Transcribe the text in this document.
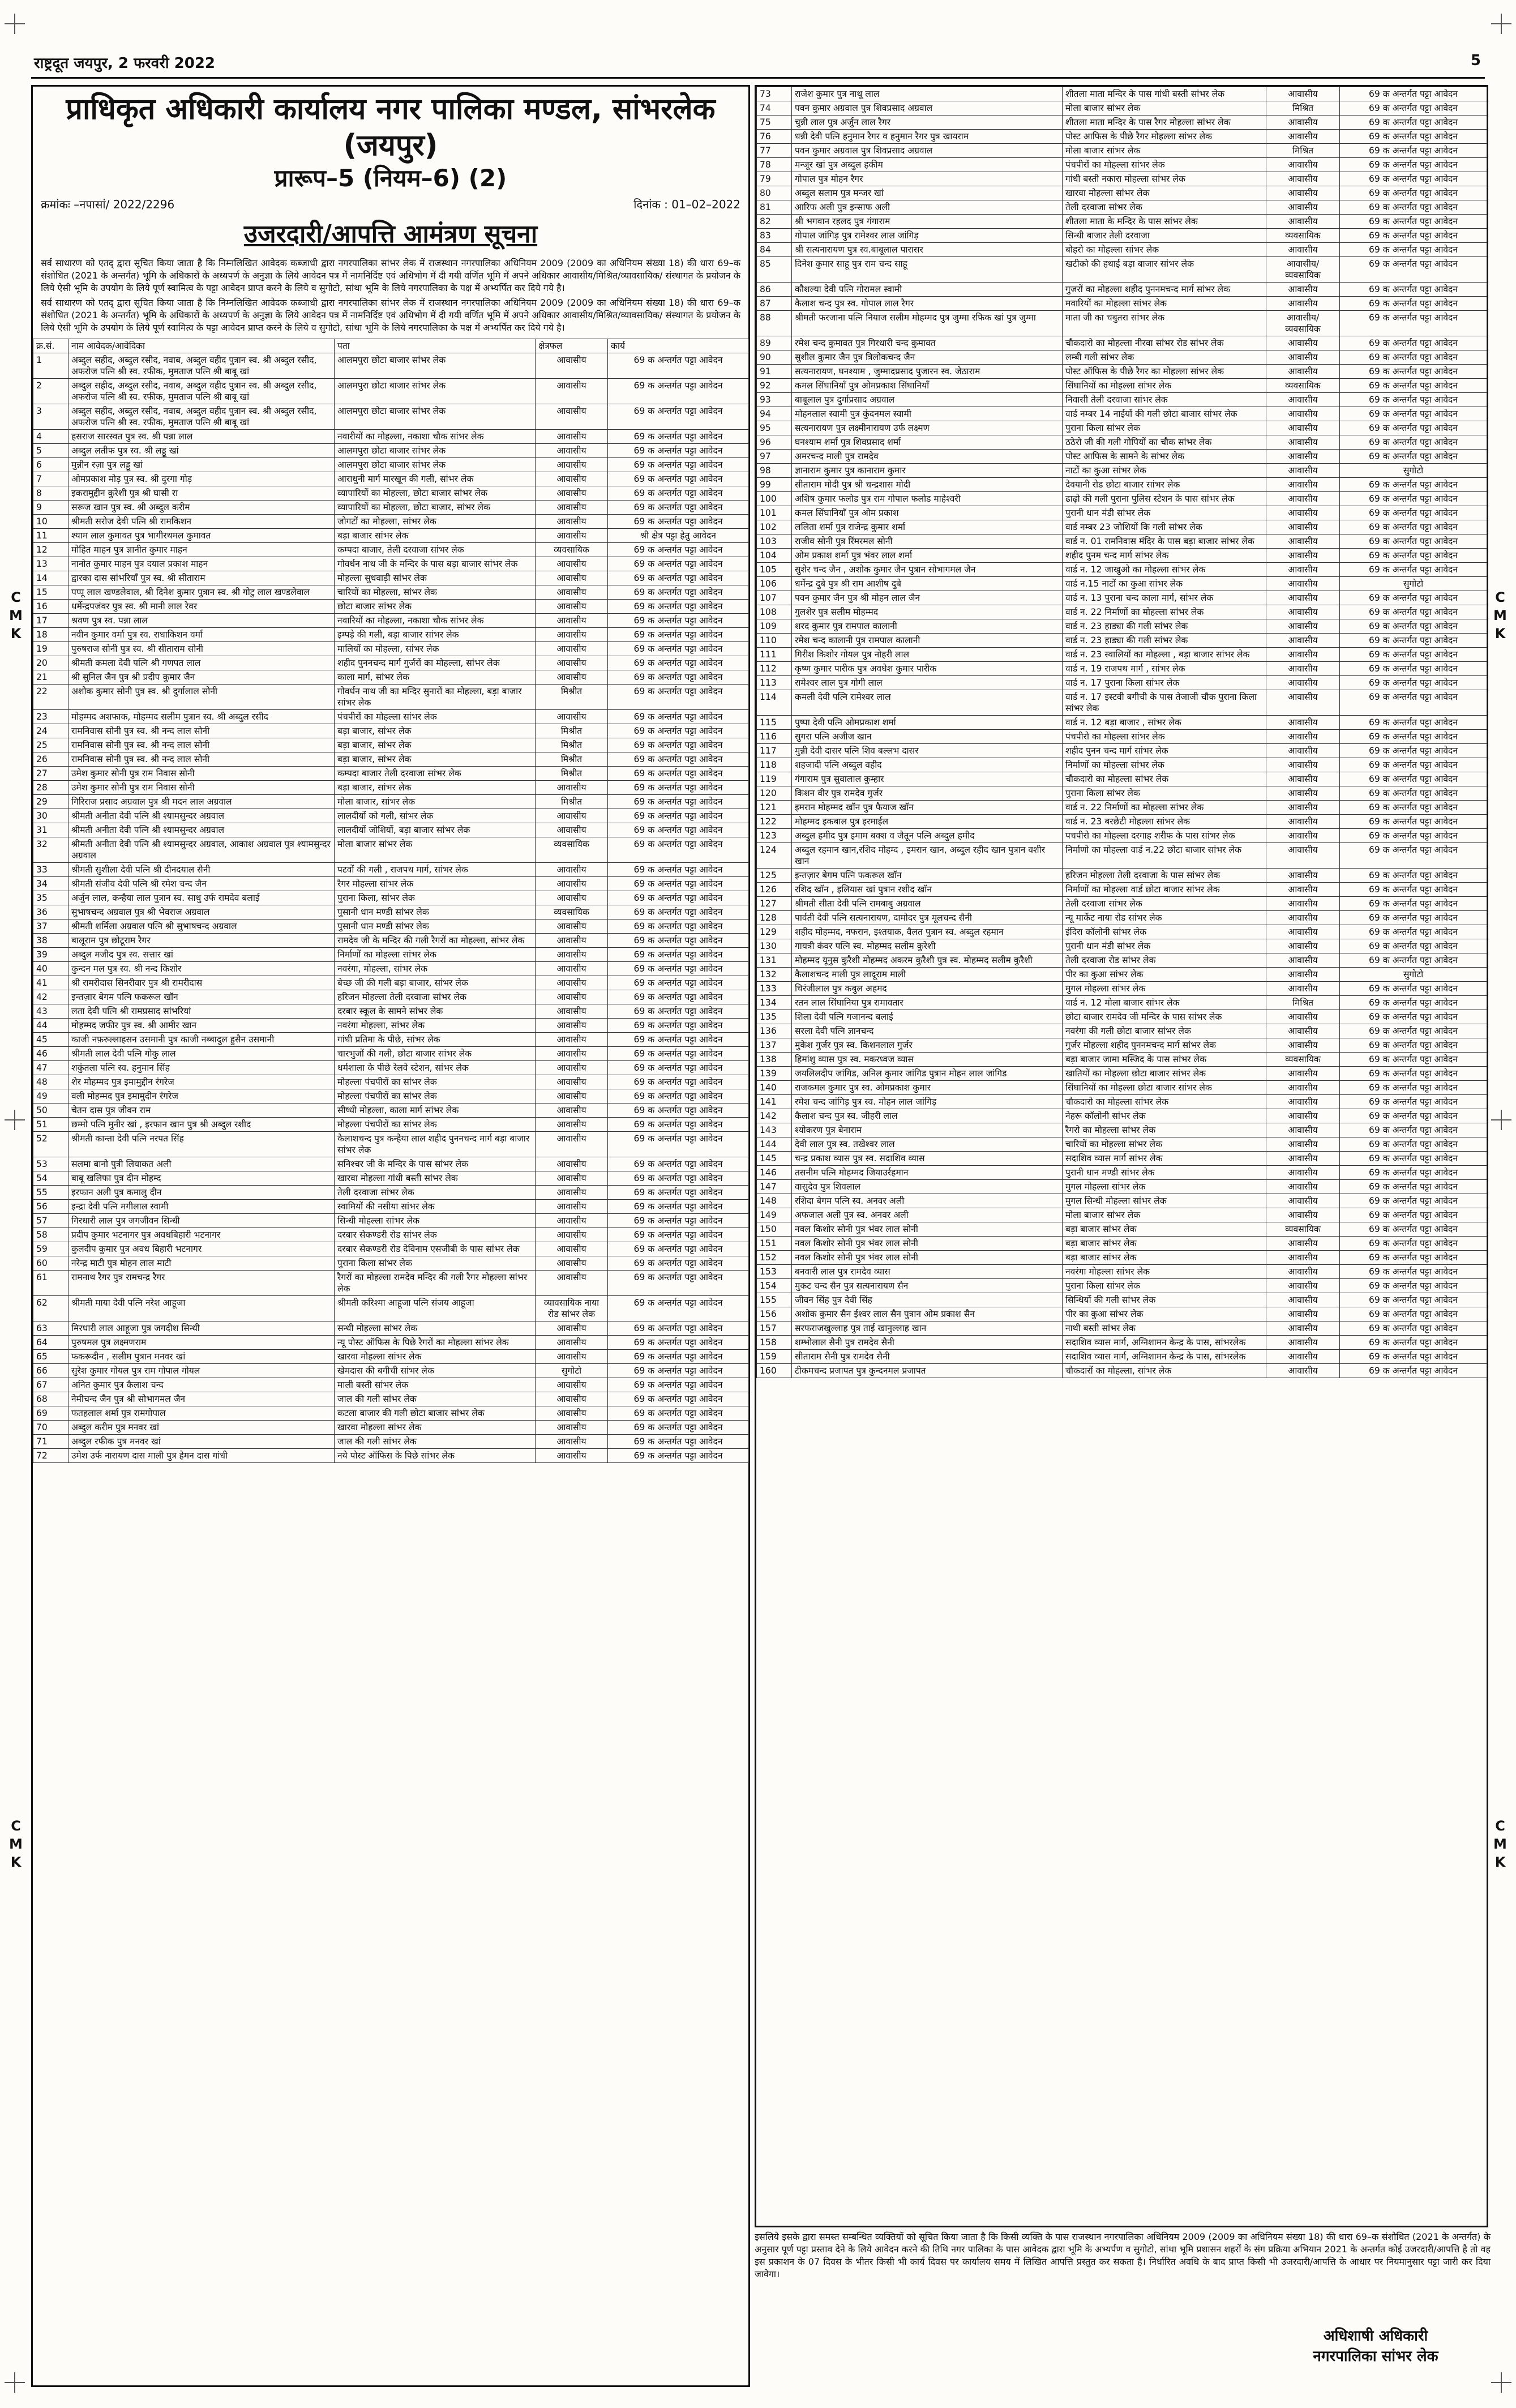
राष्ट्रदूत जयपुर, 2 फरवरी 2022	5
C
M
K
C
M
K
C
M
K
C
M
K
प्राधिकृत अधिकारी कार्यालय नगर पालिका मण्डल, सांभरलेक (जयपुर)
प्रारूप–5 (नियम–6) (2)
क्रमांकः –नपासां/ 2022/2296	दिनांक : 01–02–2022
उजरदारी/आपत्ति आमंत्रण सूचना
सर्व साधारण को एतद् द्वारा सूचित किया जाता है कि निम्नलिखित आवेदक कब्जाधी द्वारा नगरपालिका सांभर लेक में राजस्थान नगरपालिका अधिनियम 2009 (2009 का अधिनियम संख्या 18) की धारा 69–क संशोधित (2021 के अन्तर्गत) भूमि के अधिकारों के अध्यपर्ण के अनुज्ञा के लिये आवेदन पत्र में नामनिर्दिष्ट एवं अधिभोग में दी गयी वर्णित भूमि में अपने अधिकार आवासीय/मिश्रित/व्यावसायिक/ संस्थागत के प्रयोजन के लिये ऐसी भूमि के उपयोग के लिये पूर्ण स्वामित्व के पट्टा आवेदन प्राप्त करने के लिये व सुगोटो, सांथा भूमि के लिये नगरपालिका के पक्ष में अभ्यर्पित कर दिये गये है।
सर्व साधारण को एतद् द्वारा सूचित किया जाता है कि निम्नलिखित आवेदक कब्जाधी द्वारा नगरपालिका सांभर लेक में राजस्थान नगरपालिका अधिनियम 2009 (2009 का अधिनियम संख्या 18) की धारा 69–क संशोधित (2021 के अन्तर्गत) भूमि के अधिकारों के अध्यपर्ण के अनुज्ञा के लिये आवेदन पत्र में नामनिर्दिष्ट एवं अधिभोग में दी गयी वर्णित भूमि में अपने अधिकार आवासीय/मिश्रित/व्यावसायिक/ संस्थागत के प्रयोजन के लिये ऐसी भूमि के उपयोग के लिये पूर्ण स्वामित्व के पट्टा आवेदन प्राप्त करने के लिये व सुगोटो, सांथा भूमि के लिये नगरपालिका के पक्ष में अभ्यर्पित कर दिये गये है।
क्र.सं.	नाम आवेदक/आवेदिका	पता	क्षेत्रफल	कार्य
1	अब्दुल सहीद, अब्दुल रसीद, नवाब, अब्दुल वहीद पुत्रान स्व. श्री अब्दुल रसीद, अफरोज पत्नि श्री स्व. रफीक, मुमताज पत्नि श्री बाबू खां	आलमपुरा छोटा बाजार सांभर लेक	आवासीय	69 क अन्तर्गत पट्टा आवेदन
2	अब्दुल सहीद, अब्दुल रसीद, नवाब, अब्दुल वहीद पुत्रान स्व. श्री अब्दुल रसीद, अफरोज पत्नि श्री स्व. रफीक, मुमताज पत्नि श्री बाबू खां	आलमपुरा छोटा बाजार सांभर लेक	आवासीय	69 क अन्तर्गत पट्टा आवेदन
3	अब्दुल सहीद, अब्दुल रसीद, नवाब, अब्दुल वहीद पुत्रान स्व. श्री अब्दुल रसीद, अफरोज पत्नि श्री स्व. रफीक, मुमताज पत्नि श्री बाबू खां	आलमपुरा छोटा बाजार सांभर लेक	आवासीय	69 क अन्तर्गत पट्टा आवेदन
4	हसराज सारस्वत पुत्र स्व. श्री पन्ना लाल	नवारीयों का मोहल्ला, नकाशा चौक सांभर लेक	आवासीय	69 क अन्तर्गत पट्टा आवेदन
5	अब्दुल लतीफ पुत्र स्व. श्री लड्डू खां	आलमपुरा छोटा बाजार सांभर लेक	आवासीय	69 क अन्तर्गत पट्टा आवेदन
6	मुन्नीन रज़ा पुत्र लड्डू खां	आलमपुरा छोटा बाजार सांभर लेक	आवासीय	69 क अन्तर्गत पट्टा आवेदन
7	ओमप्रकाश मोड़ पुत्र स्व. श्री दुरगा गोड़	आराधुनी मार्ग मारखून की गली, सांभर लेक	आवासीय	69 क अन्तर्गत पट्टा आवेदन
8	इकरामुद्दीन कुरेशी पुत्र श्री घासी रा	व्यापारियों का मोहल्ला, छोटा बाजार सांभर लेक	आवासीय	69 क अन्तर्गत पट्टा आवेदन
9	सरूज खान पुत्र स्व. श्री अब्दुल करीम	व्यापारियों का मोहल्ला, छोटा बाजार, सांभर लेक	आवासीय	69 क अन्तर्गत पट्टा आवेदन
10	श्रीमती सरोज देवी पत्नि श्री रामकिशन	जोगटों का मोहल्ला, सांभर लेक	आवासीय	69 क अन्तर्गत पट्टा आवेदन
11	श्याम लाल कुमावत पुत्र भागीरथमल कुमावत	बड़ा बाजार सांभर लेक	आवासीय	श्री क्षेत्र पट्टा हेतु आवेदन
12	मोहित माहन पुत्र ज्ञानीत कुमार माहन	कम्पदा बाजार, तेली दरवाजा सांभर लेक	व्यवसायिक	69 क अन्तर्गत पट्टा आवेदन
13	नानोत कुमार माहन पुत्र दयाल प्रकाश माहन	गोवर्धन नाथ जी के मन्दिर के पास बड़ा बाजार सांभर लेक	आवासीय	69 क अन्तर्गत पट्टा आवेदन
14	द्वारका दास सांभरियाँ पुत्र स्व. श्री सीताराम	मोहल्ला सुधवाड़ी सांभर लेक	आवासीय	69 क अन्तर्गत पट्टा आवेदन
15	पप्पू लाल खण्डलेवाल, श्री दिनेश कुमार पुत्रान स्व. श्री गोटु लाल खण्डलेवाल	चारियों का मोहल्ला, सांभर लेक	आवासीय	69 क अन्तर्गत पट्टा आवेदन
16	धर्मेन्द्रपजंवर पुत्र स्व. श्री मानी लाल रेवर	छोटा बाजार सांभर लेक	आवासीय	69 क अन्तर्गत पट्टा आवेदन
17	श्रवण पुत्र स्व. पन्ना लाल	नवारियों का मोहल्ला, नकाशा चौक सांभर लेक	आवासीय	69 क अन्तर्गत पट्टा आवेदन
18	नवीन कुमार वर्मा पुत्र स्व. राधाकिशन वर्मा	इम्पड़े की गली, बड़ा बाजार सांभर लेक	आवासीय	69 क अन्तर्गत पट्टा आवेदन
19	पुरुषराज सोनी पुत्र स्व. श्री सीताराम सोनी	मालियों का मोहल्ला, सांभर लेक	आवासीय	69 क अन्तर्गत पट्टा आवेदन
20	श्रीमती कमला देवी पत्नि श्री गणपत लाल	शहीद पुननचन्द मार्ग गुर्जरों का मोहल्ला, सांभर लेक	आवासीय	69 क अन्तर्गत पट्टा आवेदन
21	श्री सुनिल जैन पुत्र श्री प्रदीप कुमार जैन	काला मार्ग, सांभर लेक	आवासीय	69 क अन्तर्गत पट्टा आवेदन
22	अशोक कुमार सोनी पुत्र स्व. श्री दुर्गालाल सोनी	गोवर्धन नाथ जी का मन्दिर सुनारों का मोहल्ला, बड़ा बाजार सांभर लेक	मिश्रीत	69 क अन्तर्गत पट्टा आवेदन
23	मोहम्मद अशफाक, मोहम्मद सलीम पुत्रान स्व. श्री अब्दुल रसीद	पंचपीरों का मोहल्ला सांभर लेक	आवासीय	69 क अन्तर्गत पट्टा आवेदन
24	रामनिवास सोनी पुत्र स्व. श्री नन्द लाल सोनी	बड़ा बाजार, सांभर लेक	मिश्रीत	69 क अन्तर्गत पट्टा आवेदन
25	रामनिवास सोनी पुत्र स्व. श्री नन्द लाल सोनी	बड़ा बाजार, सांभर लेक	मिश्रीत	69 क अन्तर्गत पट्टा आवेदन
26	रामनिवास सोनी पुत्र स्व. श्री नन्द लाल सोनी	बड़ा बाजार, सांभर लेक	मिश्रीत	69 क अन्तर्गत पट्टा आवेदन
27	उमेश कुमार सोनी पुत्र राम निवास सोनी	कम्पदा बाजार तेली दरवाजा सांभर लेक	मिश्रीत	69 क अन्तर्गत पट्टा आवेदन
28	उमेश कुमार सोनी पुत्र राम निवास सोनी	बड़ा बाजार, सांभर लेक	आवासीय	69 क अन्तर्गत पट्टा आवेदन
29	गिरिराज प्रसाद अग्रवाल पुत्र श्री मदन लाल अग्रवाल	मोला बाजार, सांभर लेक	मिश्रीत	69 क अन्तर्गत पट्टा आवेदन
30	श्रीमती अनीता देवी पत्नि श्री श्यामसुन्दर अग्रवाल	लालदीयों को गली, सांभर लेक	आवासीय	69 क अन्तर्गत पट्टा आवेदन
31	श्रीमती अनीता देवी पत्नि श्री श्यामसुन्दर अग्रवाल	लालदीयों जोशियों, बड़ा बाजार सांभर लेक	आवासीय	69 क अन्तर्गत पट्टा आवेदन
32	श्रीमती अनीता देवी पत्नि श्री श्यामसुन्दर अग्रवाल, आकाश अग्रवाल पुत्र श्यामसुन्दर अग्रवाल	मोला बाजार सांभर लेक	व्यवसायिक	69 क अन्तर्गत पट्टा आवेदन
33	श्रीमती सुशीला देवी पत्नि श्री दीनदयाल सैनी	पटवों की गली , राजपथ मार्ग, सांभर लेक	आवासीय	69 क अन्तर्गत पट्टा आवेदन
34	श्रीमती संजीव देवी पत्नि श्री रमेश चन्द जैन	रैगर मोहल्ला सांभर लेक	आवासीय	69 क अन्तर्गत पट्टा आवेदन
35	अर्जुन लाल, कन्हैया लाल पुत्रान स्व. साधु उर्फ रामदेव बलाई	पुराना किला, सांभर लेक	आवासीय	69 क अन्तर्गत पट्टा आवेदन
36	सुभाषचन्द अग्रवाल पुत्र श्री भेवराज अग्रवाल	पुसानी धान मण्डी सांभर लेक	व्यवसायिक	69 क अन्तर्गत पट्टा आवेदन
37	श्रीमती शर्मिला अग्रवाल पत्नि श्री सुभाषचन्द अग्रवाल	पुसानी धान मण्डी सांभर लेक	आवासीय	69 क अन्तर्गत पट्टा आवेदन
38	बालूराम पुत्र छोटूराम रैगर	रामदेव जी के मन्दिर की गली रैगरों का मोहल्ला, सांभर लेक	आवासीय	69 क अन्तर्गत पट्टा आवेदन
39	अब्दुल मजीद पुत्र स्व. सत्तार खां	निर्माणों का मोहल्ला सांभर लेक	आवासीय	69 क अन्तर्गत पट्टा आवेदन
40	कुन्दन मल पुत्र स्व. श्री नन्द किशोर	नवरंगा, मोहल्ला, सांभर लेक	आवासीय	69 क अन्तर्गत पट्टा आवेदन
41	श्री रामरीदास सिनरीवार पुत्र श्री रामरीदास	बेच्छ जी की गली बड़ा बाजार, सांभर लेक	आवासीय	69 क अन्तर्गत पट्टा आवेदन
42	इन्तज़ार बेगम पत्नि फकरूल खॉन	हरिजन मोहल्ला तेली दरवाजा सांभर लेक	आवासीय	69 क अन्तर्गत पट्टा आवेदन
43	लता देवी पत्नि श्री रामप्रसाद सांभरियां	दरबार स्कूल के सामने सांभर लेक	आवासीय	69 क अन्तर्गत पट्टा आवेदन
44	मोहम्मद जफीर पुत्र स्व. श्री आमीर खान	नवरंगा मोहल्ला, सांभर लेक	आवासीय	69 क अन्तर्गत पट्टा आवेदन
45	काजी नफ़रुल्लाहसन उसमानी पुत्र काजी नब्बादुल हुसैन उसमानी	गांधी प्रतिमा के पीछे, सांभर लेक	आवासीय	69 क अन्तर्गत पट्टा आवेदन
46	श्रीमती लाल देवी पत्नि गोकु लाल	चारभुजों की गली, छोटा बाजार सांभर लेक	आवासीय	69 क अन्तर्गत पट्टा आवेदन
47	शकुंतला पत्नि स्व. हनुमान सिंह	धर्मशाला के पीछे रेलवे स्टेशन, सांभर लेक	आवासीय	69 क अन्तर्गत पट्टा आवेदन
48	शेर मोहम्मद पुत्र इमामुद्दीन रंगरेज	मोहल्ला पंचपीरों का सांभर लेक	आवासीय	69 क अन्तर्गत पट्टा आवेदन
49	वली मोहम्मद पुत्र इमामुदीन रंगरेज	मोहल्ला पंचपीरों का सांभर लेक	आवासीय	69 क अन्तर्गत पट्टा आवेदन
50	चेतन दास पुत्र जीवन राम	सीष्धी मोहल्ला, काला मार्ग सांभर लेक	आवासीय	69 क अन्तर्गत पट्टा आवेदन
51	छम्मो पत्नि मुनीर खां , इरफान खान पुत्र श्री अब्दुल रशीद	मोहल्ला पंचपीरों का सांभर लेक	आवासीय	69 क अन्तर्गत पट्टा आवेदन
52	श्रीमती कान्ता देवी पत्नि नरपत सिंह	कैलाशचन्द पुत्र कन्हैया लाल शहीद पुननचन्द मार्ग बड़ा बाजार सांभर लेक	आवासीय	69 क अन्तर्गत पट्टा आवेदन
53	सलमा बानो पुत्री लियाकत अली	सनिश्चर जी के मन्दिर के पास सांभर लेक	आवासीय	69 क अन्तर्गत पट्टा आवेदन
54	बाबू खलिफा पुत्र दीन मोहम्द	खारवा मोहल्ला गांधी बस्ती सांभर लेक	आवासीय	69 क अन्तर्गत पट्टा आवेदन
55	इरफान अली पुत्र कमालु दीन	तेली दरवाजा सांभर लेक	आवासीय	69 क अन्तर्गत पट्टा आवेदन
56	इन्द्रा देवी पत्नि मगीलाल स्वामी	स्वामियों की नसीया सांभर लेक	आवासीय	69 क अन्तर्गत पट्टा आवेदन
57	गिरधारी लाल पुत्र जगजीवन सिन्धी	सिन्धी मोहल्ला सांभर लेक	आवासीय	69 क अन्तर्गत पट्टा आवेदन
58	प्रदीप कुमार भटनागर पुत्र अवधबिहारी भटनागर	दरबार सेकण्डरी रोड सांभर लेक	आवासीय	69 क अन्तर्गत पट्टा आवेदन
59	कुलदीप कुमार पुत्र अवध बिहारी भटनागर	दरबार सेकण्डरी रोड देविनाम एसजीबी के पास सांभर लेक	आवासीय	69 क अन्तर्गत पट्टा आवेदन
60	नरेन्द्र माटी पुत्र मोहन लाल माटी	पुराना किला सांभर लेक	आवासीय	69 क अन्तर्गत पट्टा आवेदन
61	रामनाथ रैगर पुत्र रामचन्द्र रैगर	रैगरों का मोहल्ला रामदेव मन्दिर की गली रैगर मोहल्ला सांभर लेक	आवासीय	69 क अन्तर्गत पट्टा आवेदन
62	श्रीमती माया देवी पत्नि नरेश आहूजा	श्रीमती करिश्मा आहूजा पत्नि संजय आहूजा	व्यावसायिक नाया रोड सांभर लेक	69 क अन्तर्गत पट्टा आवेदन
63	मिरधारी लाल आहूजा पुत्र जगदीश सिन्धी	सन्धी मोहल्ला सांभर लेक	आवासीय	69 क अन्तर्गत पट्टा आवेदन
64	पुरुषमल पुत्र लक्ष्मणराम	न्यू पोस्ट ऑफिस के पिछे रैगरों का मोहल्ला सांभर लेक	आवासीय	69 क अन्तर्गत पट्टा आवेदन
65	फकरूदीन , सलीम पुत्रान मनवर खां	खारवा मोहल्ला सांभर लेक	आवासीय	69 क अन्तर्गत पट्टा आवेदन
66	सुरेश कुमार गोयल पुत्र राम गोपाल गोयल	खेमदास की बगीची सांभर लेक	सुगोटो	69 क अन्तर्गत पट्टा आवेदन
67	अनित कुमार पुत्र कैलाश चन्द	माली बस्ती सांभर लेक	आवासीय	69 क अन्तर्गत पट्टा आवेदन
68	नेमीचन्द जैन पुत्र श्री सोभागमल जैन	जाल की गली सांभर लेक	आवासीय	69 क अन्तर्गत पट्टा आवेदन
69	फतहलाल शर्मा पुत्र रामगोपाल	कटला बाजार की गली छोटा बाजार सांभर लेक	आवासीय	69 क अन्तर्गत पट्टा आवेदन
70	अब्दुल करीम पुत्र मनवर खां	खारवा मोहल्ला सांभर लेक	आवासीय	69 क अन्तर्गत पट्टा आवेदन
71	अब्दुल रफीक पुत्र मनवर खां	जाल की गली सांभर लेक	आवासीय	69 क अन्तर्गत पट्टा आवेदन
72	उमेश उर्फ नारायण दास माली पुत्र हेमन दास गांधी	नये पोस्ट ऑफिस के पिछे सांभर लेक	आवासीय	69 क अन्तर्गत पट्टा आवेदन
73	राजेश कुमार पुत्र नाथू लाल	शीतला माता मन्दिर के पास गांधी बस्ती सांभर लेक	आवासीय	69 क अन्तर्गत पट्टा आवेदन
74	पवन कुमार अग्रवाल पुत्र शिवप्रसाद अग्रवाल	मोला बाजार सांभर लेक	मिश्रित	69 क अन्तर्गत पट्टा आवेदन
75	चुन्नी लाल पुत्र अर्जुन लाल रैगर	शीतला माता मन्दिर के पास रैगर मोहल्ला सांभर लेक	आवासीय	69 क अन्तर्गत पट्टा आवेदन
76	धन्नी देवी पत्नि हनुमान रैगर व हनुमान रैगर पुत्र खायराम	पोस्ट आफिस के पीछे रैगर मोहल्ला सांभर लेक	आवासीय	69 क अन्तर्गत पट्टा आवेदन
77	पवन कुमार अग्रवाल पुत्र शिवप्रसाद अग्रवाल	मोला बाजार सांभर लेक	मिश्रित	69 क अन्तर्गत पट्टा आवेदन
78	मन्जूर खां पुत्र अब्दुल हकीम	पंचपीरों का मोहल्ला सांभर लेक	आवासीय	69 क अन्तर्गत पट्टा आवेदन
79	गोपाल पुत्र मोहन रैगर	गांधी बस्ती नकारा मोहल्ला सांभर लेक	आवासीय	69 क अन्तर्गत पट्टा आवेदन
80	अब्दुल सलाम पुत्र मन्जर खां	खारवा मोहल्ला सांभर लेक	आवासीय	69 क अन्तर्गत पट्टा आवेदन
81	आरिफ अली पुत्र इन्साफ अली	तेली दरवाजा सांभर लेक	आवासीय	69 क अन्तर्गत पट्टा आवेदन
82	श्री भगवान रहलद पुत्र गंगाराम	शीतला माता के मन्दिर के पास सांभर लेक	आवासीय	69 क अन्तर्गत पट्टा आवेदन
83	गोपाल जांगिड़ पुत्र रामेश्वर लाल जांगिड़	सिन्धी बाजार तेली दरवाजा	व्यवसायिक	69 क अन्तर्गत पट्टा आवेदन
84	श्री सत्यनारायण पुत्र स्व.बाबूलाल पारासर	बोहरो का मोहल्ला सांभर लेक	आवासीय	69 क अन्तर्गत पट्टा आवेदन
85	दिनेश कुमार साहू पुत्र राम चन्द साहू	खटीको की हथाई बड़ा बाजार सांभर लेक	आवासीय/ व्यवसायिक	69 क अन्तर्गत पट्टा आवेदन
86	कौशल्या देवी पत्नि गोरामल स्वामी	गुजरों का मोहल्ला शहीद पुननमचन्द मार्ग सांभर लेक	आवासीय	69 क अन्तर्गत पट्टा आवेदन
87	कैलाश चन्द पुत्र स्व. गोपाल लाल रैगर	मवारियों का मोहल्ला सांभर लेक	आवासीय	69 क अन्तर्गत पट्टा आवेदन
88	श्रीमती फरजाना पत्नि नियाज सलीम मोहम्मद पुत्र जुम्मा रफिक खां पुत्र जुम्मा	माता जी का चबुतरा सांभर लेक	आवासीय/ व्यवसायिक	69 क अन्तर्गत पट्टा आवेदन
89	रमेश चन्द कुमावत पुत्र गिरधारी चन्द कुमावत	चौकदारो का मोहल्ला नीरवा सांभर रोड सांभर लेक	आवासीय	69 क अन्तर्गत पट्टा आवेदन
90	सुशील कुमार जैन पुत्र त्रिलोकचन्द जैन	लम्बी गली सांभर लेक	आवासीय	69 क अन्तर्गत पट्टा आवेदन
91	सत्यनारायण, घनश्याम , जुम्मादप्रसाद पुजारन स्व. जेठाराम	पोस्ट ऑफिस के पीछे रैगर का मोहल्ला सांभर लेक	आवासीय	69 क अन्तर्गत पट्टा आवेदन
92	कमल सिंघानियाँ पुत्र ओमप्रकाश सिंघानियाँ	सिंघानियों का मोहल्ला सांभर लेक	व्यवसायिक	69 क अन्तर्गत पट्टा आवेदन
93	बाबूलाल पुत्र दुर्गाप्रसाद अग्रवाल	निवासी तेली दरवाजा सांभर लेक	आवासीय	69 क अन्तर्गत पट्टा आवेदन
94	मोहनलाल स्वामी पुत्र कुंदनमल स्वामी	वार्ड नम्बर 14 नाईयों की गली छोटा बाजार सांभर लेक	आवासीय	69 क अन्तर्गत पट्टा आवेदन
95	सत्यनारायण पुत्र लक्ष्मीनारायण उर्फ लक्ष्मण	पुराना किला सांभर लेक	आवासीय	69 क अन्तर्गत पट्टा आवेदन
96	घनश्याम शर्मा पुत्र शिवप्रसाद शर्मा	ठठेरो जी की गली गोपियों का चौक सांभर लेक	आवासीय	69 क अन्तर्गत पट्टा आवेदन
97	अमरचन्द माली पुत्र रामदेव	पोस्ट आफिस के सामने के सांभर लेक	आवासीय	69 क अन्तर्गत पट्टा आवेदन
98	ज्ञानाराम कुमार पुत्र कानाराम कुमार	नाटों का कुआ सांभर लेक	आवासीय	सुगोटो
99	सीताराम मोदी पुत्र श्री चन्द्रशास मोदी	देवयानी रोड छोटा बाजार सांभर लेक	आवासीय	69 क अन्तर्गत पट्टा आवेदन
100	अशिष कुमार फलोड पुत्र राम गोपाल फलोड माहेश्वरी	ढाढ़ो की गली पुराना पुलिस स्टेशन के पास सांभर लेक	आवासीय	69 क अन्तर्गत पट्टा आवेदन
101	कमल सिंघानियाँ पुत्र ओम प्रकाश	पुरानी धान मंडी सांभर लेक	आवासीय	69 क अन्तर्गत पट्टा आवेदन
102	ललिता शर्मा पुत्र राजेन्द्र कुमार शर्मा	वार्ड नम्बर 23 जोशियों कि गली सांभर लेक	आवासीय	69 क अन्तर्गत पट्टा आवेदन
103	राजीव सोनी पुत्र रिंमरमल सोनी	वार्ड न. 01 रामनिवास मंदिर के पास बड़ा बाजार सांभर लेक	आवासीय	69 क अन्तर्गत पट्टा आवेदन
104	ओम प्रकाश शर्मा पुत्र भंवर लाल शर्मा	शहीद पुनम चन्द मार्ग सांभर लेक	आवासीय	69 क अन्तर्गत पट्टा आवेदन
105	सुशेर चन्द जैन , अशोक कुमार जैन पुत्रान सोभागमल जैन	वार्ड न. 12 जाखुओ का मोहल्ला सांभर लेक	आवासीय	69 क अन्तर्गत पट्टा आवेदन
106	धर्मेन्द्र दुबे पुत्र श्री राम आशीष दुबे	वार्ड न.15 नाटों का कुआ सांभर लेक	आवासीय	सुगोटो
107	पवन कुमार जैन पुत्र श्री मोहन लाल जैन	वार्ड न. 13 पुराना चन्द काला मार्ग, सांभर लेक	आवासीय	69 क अन्तर्गत पट्टा आवेदन
108	गुलशेर पुत्र सलीम मोहम्मद	वार्ड न. 22 निर्माणों का मोहल्ला सांभर लेक	आवासीय	69 क अन्तर्गत पट्टा आवेदन
109	शरद कुमार पुत्र रामपाल कालानी	वार्ड न. 23 हाड्या की गली सांभर लेक	आवासीय	69 क अन्तर्गत पट्टा आवेदन
110	रमेश चन्द कालानी पुत्र रामपाल कालानी	वार्ड न. 23 हाड्या की गली सांभर लेक	आवासीय	69 क अन्तर्गत पट्टा आवेदन
111	गिरीश किशोर गोयल पुत्र नोहरी लाल	वार्ड न. 23 स्वालियों का मोहल्ला , बड़ा बाजार सांभर लेक	आवासीय	69 क अन्तर्गत पट्टा आवेदन
112	कृष्ण कुमार पारीक पुत्र अवधेश कुमार पारीक	वार्ड न. 19 राजपथ मार्ग , सांभर लेक	आवासीय	69 क अन्तर्गत पट्टा आवेदन
113	रामेश्वर लाल पुत्र गोगी लाल	वार्ड न. 17 पुराना किला सांभर लेक	आवासीय	69 क अन्तर्गत पट्टा आवेदन
114	कमली देवी पत्नि रामेश्वर लाल	वार्ड न. 17 इस्टवी बगीची के पास तेजाजी चौक पुराना किला सांभर लेक	आवासीय	69 क अन्तर्गत पट्टा आवेदन
115	पुष्पा देवी पत्नि ओमप्रकाश शर्मा	वार्ड न. 12 बड़ा बाजार , सांभर लेक	आवासीय	69 क अन्तर्गत पट्टा आवेदन
116	सुगरा पत्नि अजीज खान	पंचपीरो का मोहल्ला सांभर लेक	आवासीय	69 क अन्तर्गत पट्टा आवेदन
117	मुन्नी देवी दासर पत्नि शिव बल्लभ दासर	शहीद पुनन चन्द मार्ग सांभर लेक	आवासीय	69 क अन्तर्गत पट्टा आवेदन
118	शहजादी पत्नि अब्दुल वहीद	निर्माणों का मोहल्ला सांभर लेक	आवासीय	69 क अन्तर्गत पट्टा आवेदन
119	गंगाराम पुत्र सुवालाल कुम्हार	चौकदारो का मोहल्ला सांभर लेक	आवासीय	69 क अन्तर्गत पट्टा आवेदन
120	किशन वीर पुत्र रामदेव गुर्जर	पुराना किला सांभर लेक	आवासीय	69 क अन्तर्गत पट्टा आवेदन
121	इमरान मोहम्मद खॉन पुत्र फैयाज खॉन	वार्ड न. 22 निर्माणों का मोहल्ला सांभर लेक	आवासीय	69 क अन्तर्गत पट्टा आवेदन
122	मोहम्मद इकबाल पुत्र इरमाईल	वार्ड न. 23 बरछेटी मोहल्ला सांभर लेक	आवासीय	69 क अन्तर्गत पट्टा आवेदन
123	अब्दुल हमीद पुत्र इमाम बक्श व जैतून पत्नि अब्दुल हमीद	पचपीरो का मोहल्ला दरगाह शरीफ के पास सांभर लेक	आवासीय	69 क अन्तर्गत पट्टा आवेदन
124	अब्दुल रहमान खान,रशिद मोहम्द , इमरान खान, अब्दुल रहीद खान पुत्रान वशीर खान	निर्माणो का मोहल्ला वार्ड न.22 छोटा बाजार सांभर लेक	आवासीय	69 क अन्तर्गत पट्टा आवेदन
125	इन्तज़ार बेगम पत्नि फकरूल खॉन	हरिजन मोहल्ला तेली दरवाजा के पास सांभर लेक	आवासीय	69 क अन्तर्गत पट्टा आवेदन
126	रशिद खॉन , इलियास खां पुत्रान रशीद खॉन	निर्माणों का मोहल्ला वार्ड छोटा बाजार सांभर लेक	आवासीय	69 क अन्तर्गत पट्टा आवेदन
127	श्रीमती सीता देवी पत्नि रामबाबु अग्रवाल	तेली दरवाजा सांभर लेक	आवासीय	69 क अन्तर्गत पट्टा आवेदन
128	पार्वती देवी पत्नि सत्यनारायण, दामोदर पुत्र मूलचन्द सैनी	न्यू मार्केट नाया रोड सांभर लेक	आवासीय	69 क अन्तर्गत पट्टा आवेदन
129	शहीद मोहम्मद, नफरान, इश्तयाक, वैलत पुत्रान स्व. अब्दुल रहमान	इंदिरा कॉलोनी सांभर लेक	आवासीय	69 क अन्तर्गत पट्टा आवेदन
130	गायत्री कंवर पत्नि स्व. मोहम्मद सलीम कुरेशी	पुरानी धान मंडी सांभर लेक	आवासीय	69 क अन्तर्गत पट्टा आवेदन
131	मोहम्मद यूनुस कुरैशी मोहम्मद अकरम कुरैशी पुत्र स्व. मोहम्मद सलीम कुरैशी	तेली दरवाजा रोड सांभर लेक	आवासीय	69 क अन्तर्गत पट्टा आवेदन
132	कैलाशचन्द माली पुत्र लादूराम माली	पीर का कुआ सांभर लेक	आवासीय	सुगोटो
133	चिरंजीलाल पुत्र कबुल अहमद	मुगल मोहल्ला सांभर लेक	आवासीय	69 क अन्तर्गत पट्टा आवेदन
134	रतन लाल सिंघानिया पुत्र रामावतार	वार्ड न. 12 मोला बाजार सांभर लेक	मिश्रित	69 क अन्तर्गत पट्टा आवेदन
135	शिला देवी पत्नि गजानन्द बलाई	छोटा बाजार रामदेव जी मन्दिर के पास सांभर लेक	आवासीय	69 क अन्तर्गत पट्टा आवेदन
136	सरला देवी पत्नि ज्ञानचन्द	नवरंगा की गली छोटा बाजार सांभर लेक	आवासीय	69 क अन्तर्गत पट्टा आवेदन
137	मुकेश गुर्जर पुत्र स्व. किशनलाल गुर्जर	गुर्जर मोहल्ला शहीद पुननमचन्द मार्ग सांभर लेक	आवासीय	69 क अन्तर्गत पट्टा आवेदन
138	हिमांशु व्यास पुत्र स्व. मकरध्वज व्यास	बड़ा बाजार जामा मस्जिद के पास सांभर लेक	व्यवसायिक	69 क अन्तर्गत पट्टा आवेदन
139	जयलिलदीप जांगिड, अनिल कुमार जांगिड पुत्रान मोहन लाल जांगिड	खातियों का मोहल्ला छोटा बाजार सांभर लेक	आवासीय	69 क अन्तर्गत पट्टा आवेदन
140	राजकमल कुमार पुत्र स्व. ओमप्रकाश कुमार	सिंघानियों का मोहल्ला छोटा बाजार सांभर लेक	आवासीय	69 क अन्तर्गत पट्टा आवेदन
141	रमेश चन्द जांगिड़ पुत्र स्व. मोहन लाल जांगिड़	चौकदारो का मोहल्ला सांभर लेक	आवासीय	69 क अन्तर्गत पट्टा आवेदन
142	कैलाश चन्द पुत्र स्व. जीहरी लाल	नेहरू कॉलोनी सांभर लेक	आवासीय	69 क अन्तर्गत पट्टा आवेदन
143	श्योकरण पुत्र बेनाराम	रैगरो का मोहल्ला सांभर लेक	आवासीय	69 क अन्तर्गत पट्टा आवेदन
144	देवी लाल पुत्र स्व. तखेश्वर लाल	चारियों का मोहल्ला सांभर लेक	आवासीय	69 क अन्तर्गत पट्टा आवेदन
145	चन्द्र प्रकाश व्यास पुत्र स्व. सदाशिव व्यास	सदाशिव व्यास मार्ग सांभर लेक	आवासीय	69 क अन्तर्गत पट्टा आवेदन
146	तसनीम पत्नि मोहम्मद जियाउर्रहमान	पुरानी धान मण्डी सांभर लेक	आवासीय	69 क अन्तर्गत पट्टा आवेदन
147	वासुदेव पुत्र शिवलाल	मुगल मोहल्ला सांभर लेक	आवासीय	69 क अन्तर्गत पट्टा आवेदन
148	रशिदा बेगम पत्नि स्व. अनवर अली	मुगल सिन्धी मोहल्ला सांभर लेक	आवासीय	69 क अन्तर्गत पट्टा आवेदन
149	अफजाल अली पुत्र स्व. अनवर अली	मोला बाजार सांभर लेक	आवासीय	69 क अन्तर्गत पट्टा आवेदन
150	नवल किशोर सोनी पुत्र भंवर लाल सोनी	बड़ा बाजार सांभर लेक	व्यवसायिक	69 क अन्तर्गत पट्टा आवेदन
151	नवल किशोर सोनी पुत्र भंवर लाल सोनी	बड़ा बाजार सांभर लेक	आवासीय	69 क अन्तर्गत पट्टा आवेदन
152	नवल किशोर सोनी पुत्र भंवर लाल सोनी	बड़ा बाजार सांभर लेक	आवासीय	69 क अन्तर्गत पट्टा आवेदन
153	बनवारी लाल पुत्र रामदेव व्यास	नवरंगा मोहल्ला सांभर लेक	आवासीय	69 क अन्तर्गत पट्टा आवेदन
154	मुकट चन्द सैन पुत्र सत्यनारायण सैन	पुराना किला सांभर लेक	आवासीय	69 क अन्तर्गत पट्टा आवेदन
155	जीवन सिंह पुत्र देवी सिंह	सिन्धियों की गली सांभर लेक	आवासीय	69 क अन्तर्गत पट्टा आवेदन
156	अशोक कुमार सैन ईश्वर लाल सैन पुत्रान ओम प्रकाश सैन	पीर का कुआ सांभर लेक	आवासीय	69 क अन्तर्गत पट्टा आवेदन
157	सरफराजखुल्लाह पुत्र ताई खानुल्लाह खान	नाथी बस्ती सांभर लेक	आवासीय	69 क अन्तर्गत पट्टा आवेदन
158	शम्भोलाल सैनी पुत्र रामदेव सैनी	सदाशिव व्यास मार्ग, अग्निशामन केन्द्र के पास, सांभरलेक	आवासीय	69 क अन्तर्गत पट्टा आवेदन
159	सीताराम सैनी पुत्र रामदेव सैनी	सदाशिव व्यास मार्ग, अग्निशामन केन्द्र के पास, सांभरलेक	आवासीय	69 क अन्तर्गत पट्टा आवेदन
160	टीकमचन्द प्रजापत पुत्र कुन्दनमल प्रजापत	चौकदारों का मोहल्ला, सांभर लेक	आवासीय	69 क अन्तर्गत पट्टा आवेदन
इसलिये इसके द्वारा समस्त सम्बन्धित व्यक्तियों को सूचित किया जाता है कि किसी व्यक्ति के पास राजस्थान नगरपालिका अधिनियम 2009 (2009 का अधिनियम संख्या 18) की धारा 69–क संशोधित (2021 के अन्तर्गत) के अनुसार पूर्ण पट्टा प्रस्ताव देने के लिये आवेदन करने की तिथि नगर पालिका के पास आवेदक द्वारा भूमि के अभ्यर्पण व सुगोटो, सांथा भूमि प्रशासन शहरों के संग प्रक्रिया अभियान 2021 के अन्तर्गत कोई उजरदारी/आपत्ति है तो वह इस प्रकाशन के 07 दिवस के भीतर किसी भी कार्य दिवस पर कार्यालय समय में लिखित आपत्ति प्रस्तुत कर सकता है। निर्धारित अवधि के बाद प्राप्त किसी भी उजरदारी/आपत्ति के आधार पर नियमानुसार पट्टा जारी कर दिया जावेगा।
अधिशाषी अधिकारी
नगरपालिका सांभर लेक
